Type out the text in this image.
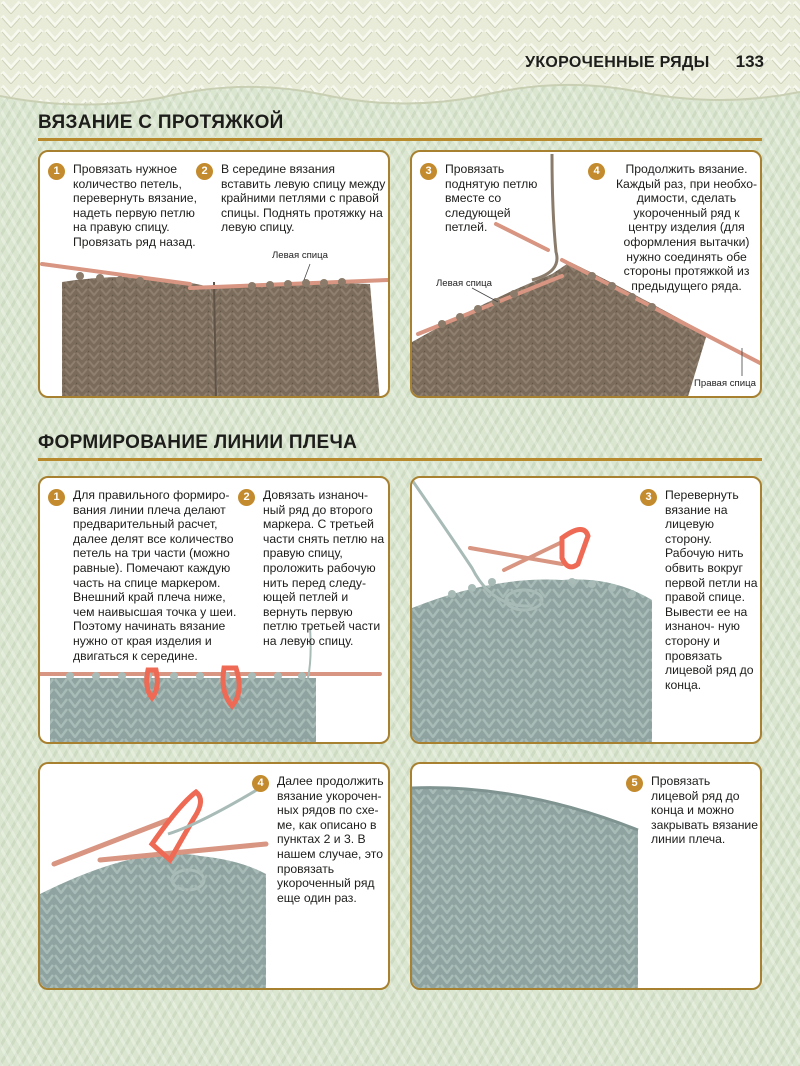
УКОРОЧЕННЫЕ РЯДЫ 133
ВЯЗАНИЕ С ПРОТЯЖКОЙ
1	Провязать нужное количество петель, перевернуть вязание, надеть первую петлю на правую спицу. Провязать ряд назад.
2	В середине вязания вставить левую спицу между крайними петлями с правой спицы. Поднять протяжку на левую спицу.
Левая спица
3	Провязать поднятую петлю вместе со следующей петлей.
4	Продолжить вязание. Каждый раз, при необхо- димости, сделать укороченный ряд к центру изделия (для оформления вытачки) нужно соединять обе стороны протяжкой из предыдущего ряда.
Левая спица
Правая спица
ФОРМИРОВАНИЕ ЛИНИИ ПЛЕЧА
1	Для правильного формиро- вания линии плеча делают предварительный расчет, далее делят все количество петель на три части (можно равные). Помечают каждую часть на спице маркером. Внешний край плеча ниже, чем наивысшая точка у шеи. Поэтому начинать вязание нужно от края изделия и двигаться к середине.
2	Довязать изнаноч- ный ряд до второго маркера. С третьей части снять петлю на правую спицу, проложить рабочую нить перед следу- ющей петлей и вернуть первую петлю третьей части на левую спицу.
3	Перевернуть вязание на лицевую сторону. Рабочую нить обвить вокруг первой петли на правой спице. Вывести ее на изнаноч- ную сторону и провязать лицевой ряд до конца.
4	Далее продолжить вязание укорочен- ных рядов по схе- ме, как описано в пунктах 2 и 3. В нашем случае, это провязать укороченный ряд еще один раз.
5	Провязать лицевой ряд до конца и можно закрывать вязание линии плеча.
